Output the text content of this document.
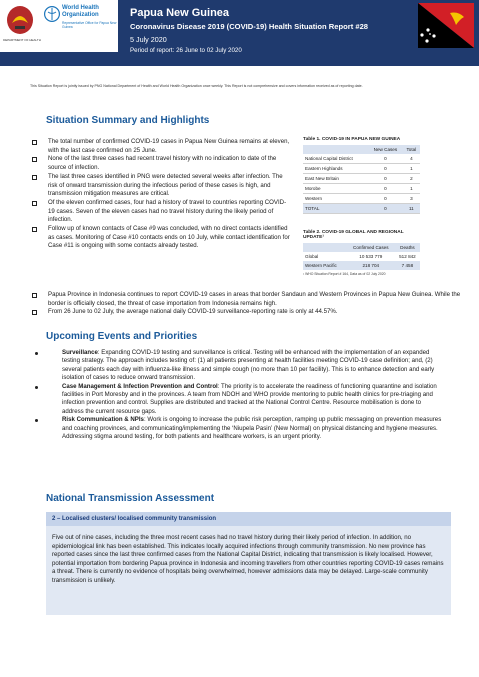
DEPARTMENT OF HEALTH
World Health Organization
Representative Office for Papua New Guinea
Papua New Guinea
Coronavirus Disease 2019 (COVID-19) Health Situation Report #28
5 July 2020
Period of report: 26 June to 02 July 2020
This Situation Report is jointly issued by PNG National Department of Health and World Health Organization once weekly. This Report is not comprehensive and covers information received as of reporting date.
Situation Summary and Highlights
The total number of confirmed COVID-19 cases in Papua New Guinea remains at eleven, with the last case confirmed on 25 June.
None of the last three cases had recent travel history with no indication to date of the source of infection.
The last three cases identified in PNG were detected several weeks after infection. The risk of onward transmission during the infectious period of these cases is high, and transmission mitigation measures are critical.
Of the eleven confirmed cases, four had a history of travel to countries reporting COVID-19 cases. Seven of the eleven cases had no travel history during the likely period of infection.
Follow up of known contacts of Case #9 was concluded, with no direct contacts identified as cases. Monitoring of Case #10 contacts ends on 10 July, while contact identification for Case #11 is ongoing with some contacts already tested.
Papua Province in Indonesia continues to report COVID-19 cases in areas that border Sandaun and Western Provinces in Papua New Guinea. While the border is officially closed, the threat of case importation from Indonesia remains high.
From 26 June to 02 July, the average national daily COVID-19 surveillance-reporting rate is only at 44.57%.
Table 1. COVID-19 IN PAPUA NEW GUINEA
	New Cases	Total
National Capital District	0	4
Eastern Highlands	0	1
East New Britain	0	2
Morobe	0	1
Western	0	3
TOTAL	0	11
Table 2. COVID-19 GLOBAL AND REGIONAL UPDATE¹
	Confirmed Cases	Deaths
Global	10 533 779	512 842
Western Pacific	218 704	7 458
¹ WHO Situation Report # 164, Data as of 02 July 2020
Upcoming Events and Priorities
Surveillance: Expanding COVID-19 testing and surveillance is critical. Testing will be enhanced with the implementation of an expanded testing strategy. The approach includes testing of: (1) all patients presenting at health facilities meeting COVID-19 case definition; and, (2) several patients each day with influenza-like illness and simple cough (no more than 10 per facility). This is to enhance detection and early isolation of cases to reduce onward transmission.
Case Management & Infection Prevention and Control: The priority is to accelerate the readiness of functioning quarantine and isolation facilities in Port Moresby and in the provinces. A team from NDOH and WHO provide mentoring to public health clinics for pre-triaging and infection prevention and control. Supplies are distributed and tracked at the National Control Centre. Resource mobilisation is done to address the current resource gaps.
Risk Communication & NPIs: Work is ongoing to increase the public risk perception, ramping up public messaging on prevention measures and coaching provinces, and communicating/implementing the ‘Niupela Pasin’ (New Normal) on physical distancing and hygiene measures. Addressing stigma around testing, for both patients and healthcare workers, is an urgent priority.
National Transmission Assessment
2 – Localised clusters/ localised community transmission
Five out of nine cases, including the three most recent cases had no travel history during their likely period of infection. In addition, no epidemiological link has been established. This indicates locally acquired infections through community transmission. No new province has reported cases since the last three confirmed cases from the National Capital District, indicating that transmission is likely localised. However, potential importation from bordering Papua province in Indonesia and incoming travellers from other countries reporting COVID-19 cases remains a threat. There is currently no evidence of hospitals being overwhelmed, however admissions data may be delayed. Large-scale community transmission is unlikely.
